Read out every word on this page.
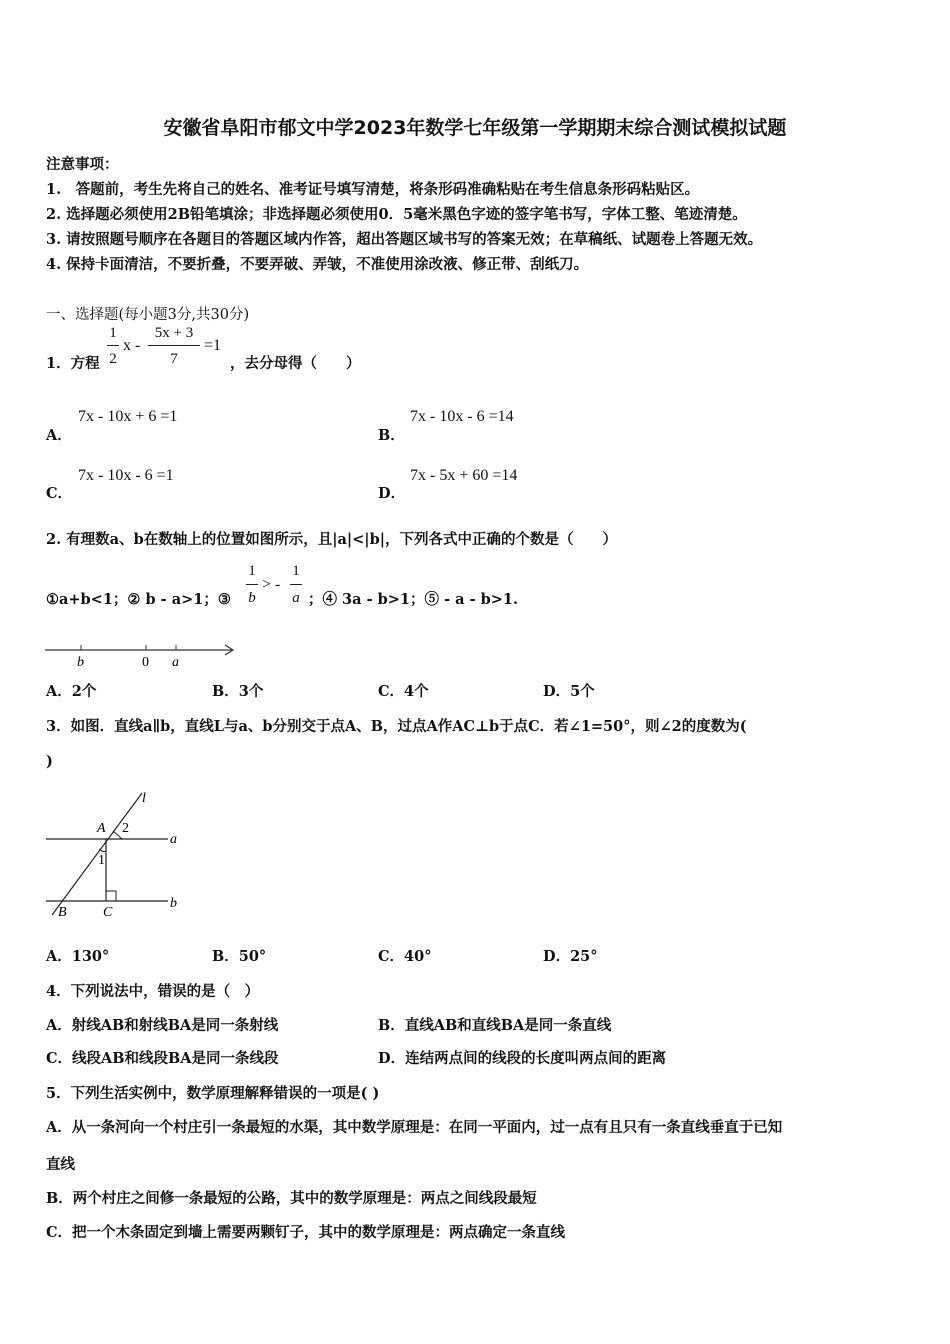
安徽省阜阳市郁文中学2023年数学七年级第一学期期末综合测试模拟试题
注意事项：
1.　答题前，考生先将自己的姓名、准考证号填写清楚，将条形码准确粘贴在考生信息条形码粘贴区。
2. 选择题必须使用2B铅笔填涂；非选择题必须使用0．5毫米黑色字迹的签字笔书写，字体工整、笔迹清楚。
3. 请按照题号顺序在各题目的答题区域内作答，超出答题区域书写的答案无效；在草稿纸、试题卷上答题无效。
4. 保持卡面清洁，不要折叠，不要弄破、弄皱，不准使用涂改液、修正带、刮纸刀。
一、选择题(每小题3分,共30分)
1．方程
1
2
x -
5x + 3
7
=1
，去分母得（　　）
A．
7x - 10x + 6 =1
B．
7x - 10x - 6 =14
C．
7x - 10x - 6 =1
D．
7x - 5x + 60 =14
2. 有理数a、b在数轴上的位置如图所示，且|a|<|b|，下列各式中正确的个数是（　　）
①a+b<1；② b - a>1；③
1
b
> -
1
a ；④ 3a - b>1；⑤ - a - b>1.
b	0 a
A．2个	B．3个	C．4个	D．5个
3．如图．直线a∥b，直线L与a、b分别交于点A、B，过点A作AC⊥b于点C．若∠1=50°，则∠2的度数为(
)
l
A 2
a
1
B	C
b
A．130°	B．50°	C．40°	D．25°
4．下列说法中，错误的是（　）
A．射线AB和射线BA是同一条射线	B．直线AB和直线BA是同一条直线
C．线段AB和线段BA是同一条线段	D．连结两点间的线段的长度叫两点间的距离
5．下列生活实例中，数学原理解释错误的一项是( )
A．从一条河向一个村庄引一条最短的水渠，其中数学原理是：在同一平面内，过一点有且只有一条直线垂直于已知
直线
B．两个村庄之间修一条最短的公路，其中的数学原理是：两点之间线段最短
C．把一个木条固定到墙上需要两颗钉子，其中的数学原理是：两点确定一条直线
